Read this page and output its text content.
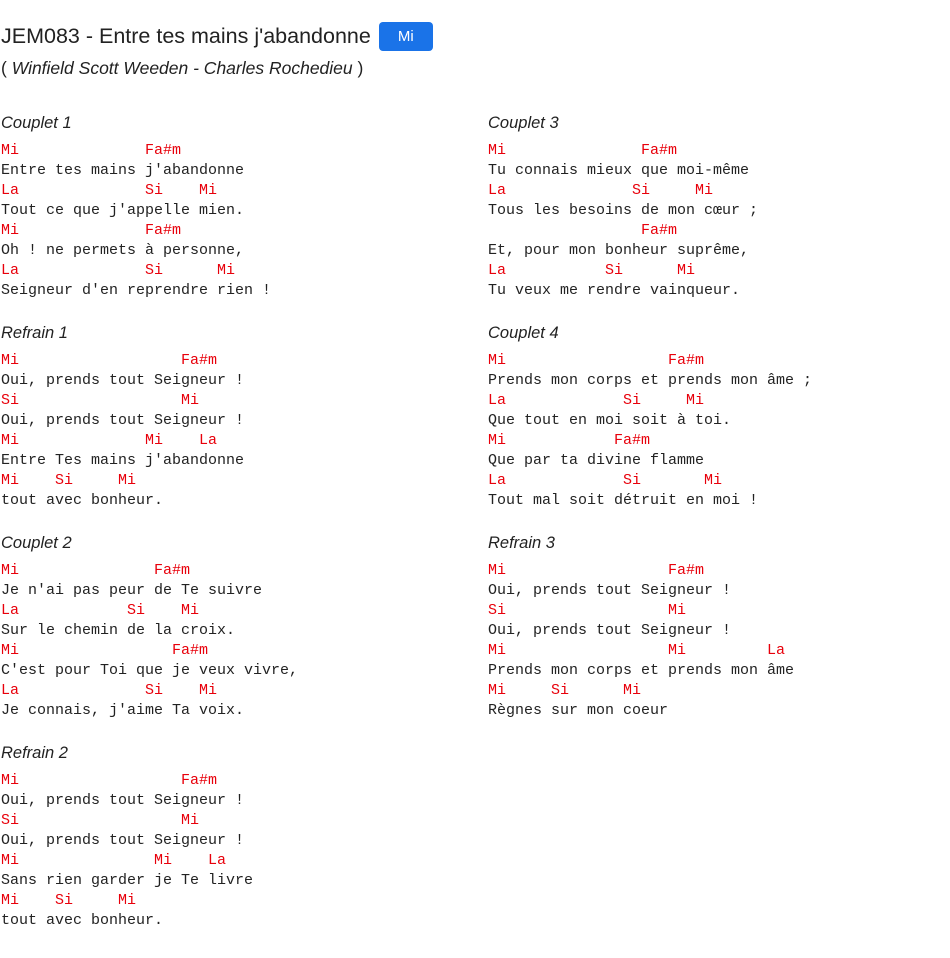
JEM083 - Entre tes mains j'abandonne	Mi
( Winfield Scott Weeden - Charles Rochedieu )
Couplet 1
Mi              Fa#m
Entre tes mains j'abandonne
La              Si    Mi
Tout ce que j'appelle mien.
Mi              Fa#m
Oh ! ne permets à personne,
La              Si      Mi
Seigneur d'en reprendre rien !
Refrain 1
Mi                  Fa#m
Oui, prends tout Seigneur !
Si                  Mi
Oui, prends tout Seigneur !
Mi              Mi    La
Entre Tes mains j'abandonne
Mi    Si     Mi
tout avec bonheur.
Couplet 2
Mi               Fa#m
Je n'ai pas peur de Te suivre
La            Si    Mi
Sur le chemin de la croix.
Mi                 Fa#m
C'est pour Toi que je veux vivre,
La              Si    Mi
Je connais, j'aime Ta voix.
Refrain 2
Mi                  Fa#m
Oui, prends tout Seigneur !
Si                  Mi
Oui, prends tout Seigneur !
Mi               Mi    La
Sans rien garder je Te livre
Mi    Si     Mi
tout avec bonheur.
Couplet 3
Mi               Fa#m
Tu connais mieux que moi-même
La              Si     Mi
Tous les besoins de mon cœur ;
Fa#m
Et, pour mon bonheur suprême,
La           Si      Mi
Tu veux me rendre vainqueur.
Couplet 4
Mi                  Fa#m
Prends mon corps et prends mon âme ;
La             Si     Mi
Que tout en moi soit à toi.
Mi            Fa#m
Que par ta divine flamme
La             Si       Mi
Tout mal soit détruit en moi !
Refrain 3
Mi                  Fa#m
Oui, prends tout Seigneur !
Si                  Mi
Oui, prends tout Seigneur !
Mi                  Mi         La
Prends mon corps et prends mon âme
Mi     Si      Mi
Règnes sur mon coeur
